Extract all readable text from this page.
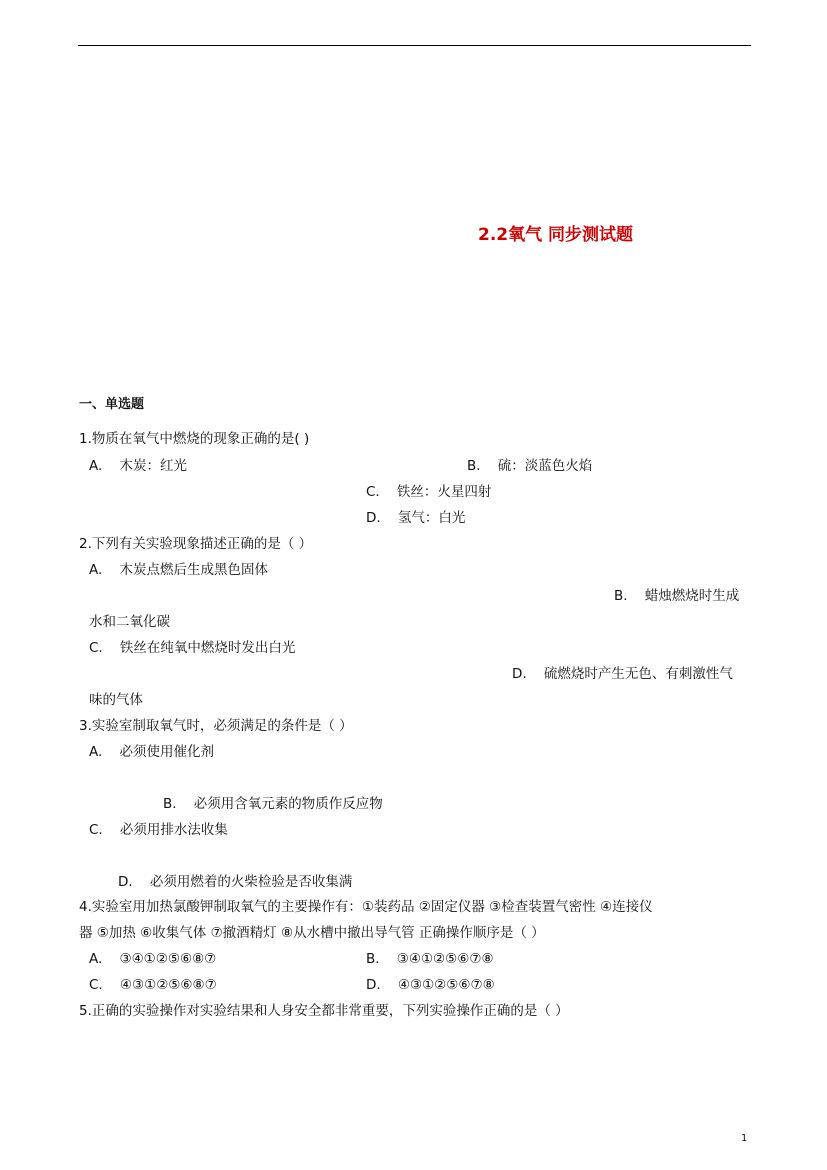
2.2氧气 同步测试题
一、单选题
1.物质在氧气中燃烧的现象正确的是( )
A. 木炭：红光	B. 硫：淡蓝色火焰
C. 铁丝：火星四射
D. 氢气：白光
2.下列有关实验现象描述正确的是（ ）
A. 木炭点燃后生成黑色固体
B. 蜡烛燃烧时生成
水和二氧化碳
C. 铁丝在纯氧中燃烧时发出白光
D. 硫燃烧时产生无色、有刺激性气
味的气体
3.实验室制取氧气时，必须满足的条件是（ ）
A. 必须使用催化剂
B. 必须用含氧元素的物质作反应物
C. 必须用排水法收集
D. 必须用燃着的火柴检验是否收集满
4.实验室用加热氯酸钾制取氧气的主要操作有：①装药品 ②固定仪器 ③检查装置气密性 ④连接仪
器 ⑤加热 ⑥收集气体 ⑦撤酒精灯 ⑧从水槽中撤出导气管 正确操作顺序是（ ）
A. ③④①②⑤⑥⑧⑦	B. ③④①②⑤⑥⑦⑧
C. ④③①②⑤⑥⑧⑦	D. ④③①②⑤⑥⑦⑧
5.正确的实验操作对实验结果和人身安全都非常重要，下列实验操作正确的是（ ）
1
